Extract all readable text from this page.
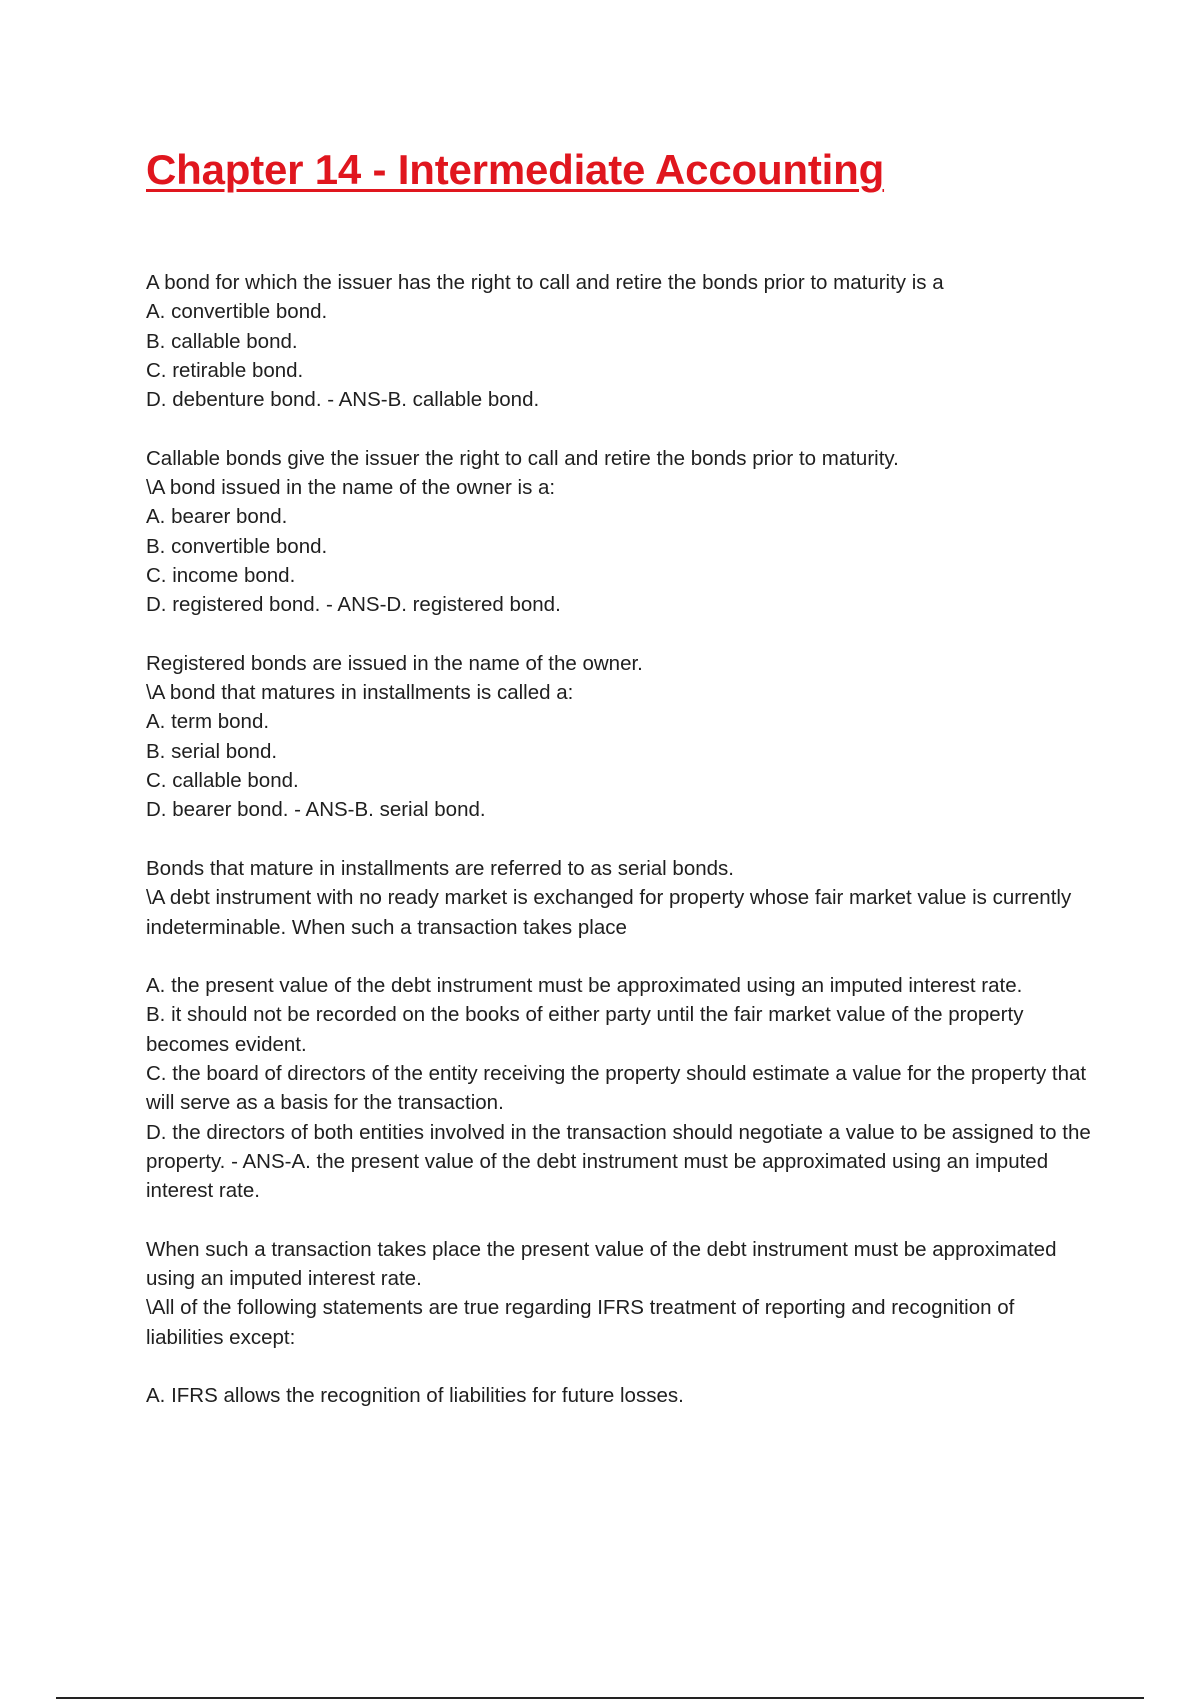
Chapter 14 - Intermediate Accounting
A bond for which the issuer has the right to call and retire the bonds prior to maturity is a
A. convertible bond.
B. callable bond.
C. retirable bond.
D. debenture bond. - ANS-B. callable bond.
Callable bonds give the issuer the right to call and retire the bonds prior to maturity.
\A bond issued in the name of the owner is a:
A. bearer bond.
B. convertible bond.
C. income bond.
D. registered bond. - ANS-D. registered bond.
Registered bonds are issued in the name of the owner.
\A bond that matures in installments is called a:
A. term bond.
B. serial bond.
C. callable bond.
D. bearer bond. - ANS-B. serial bond.
Bonds that mature in installments are referred to as serial bonds.
\A debt instrument with no ready market is exchanged for property whose fair market value is currently indeterminable. When such a transaction takes place
A. the present value of the debt instrument must be approximated using an imputed interest rate.
B. it should not be recorded on the books of either party until the fair market value of the property becomes evident.
C. the board of directors of the entity receiving the property should estimate a value for the property that will serve as a basis for the transaction.
D. the directors of both entities involved in the transaction should negotiate a value to be assigned to the property. - ANS-A. the present value of the debt instrument must be approximated using an imputed interest rate.
When such a transaction takes place the present value of the debt instrument must be approximated using an imputed interest rate.
\All of the following statements are true regarding IFRS treatment of reporting and recognition of liabilities except:
A. IFRS allows the recognition of liabilities for future losses.
